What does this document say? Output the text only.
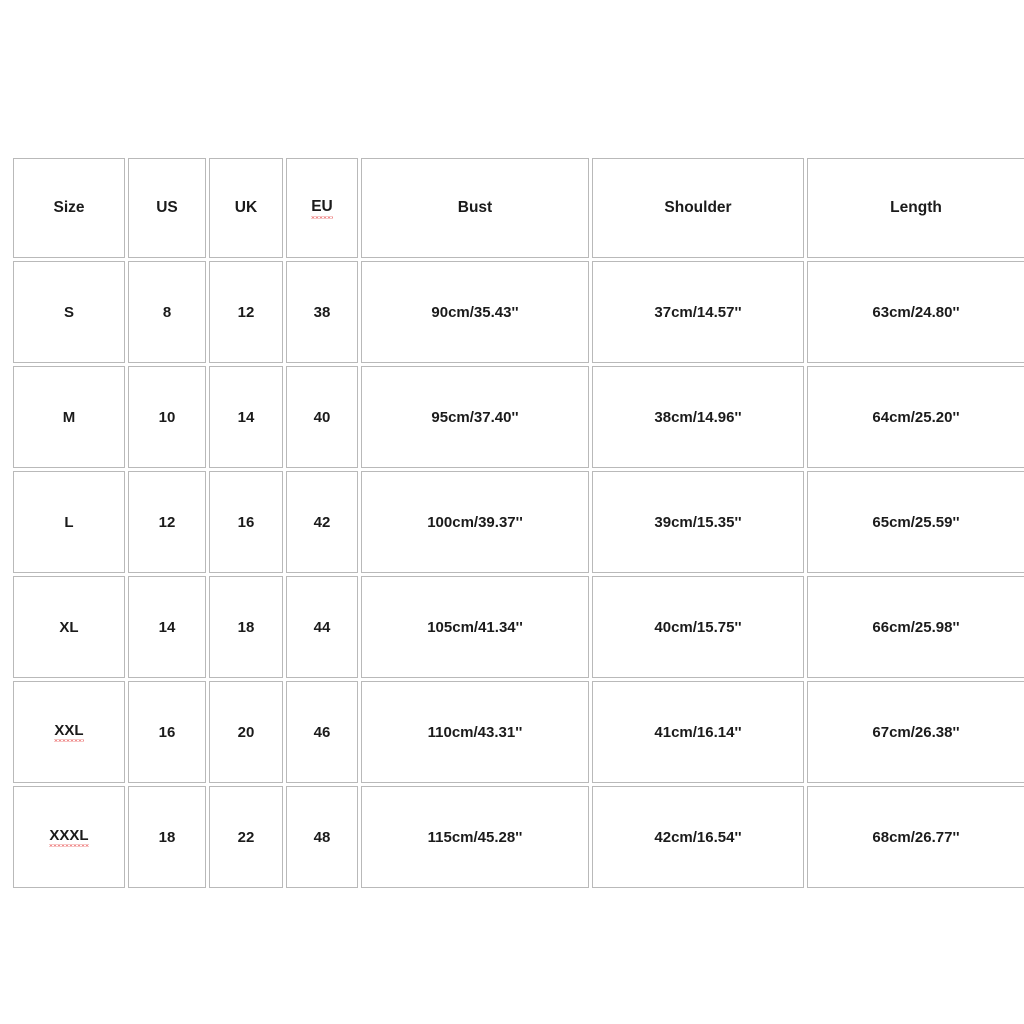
Size	US	UK	EU	Bust	Shoulder	Length
S	8	12	38	90cm/35.43''	37cm/14.57''	63cm/24.80''
M	10	14	40	95cm/37.40''	38cm/14.96''	64cm/25.20''
L	12	16	42	100cm/39.37''	39cm/15.35''	65cm/25.59''
XL	14	18	44	105cm/41.34''	40cm/15.75''	66cm/25.98''
XXL	16	20	46	110cm/43.31''	41cm/16.14''	67cm/26.38''
XXXL	18	22	48	115cm/45.28''	42cm/16.54''	68cm/26.77''
